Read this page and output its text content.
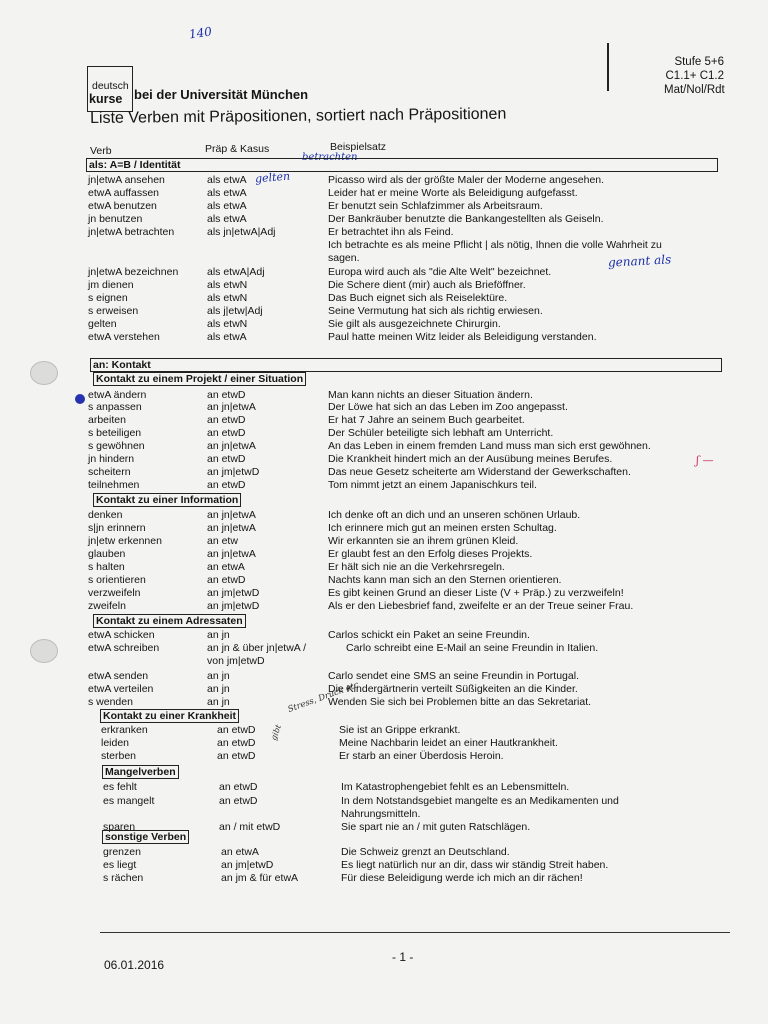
140
gelten
betrachten
genant als
Stress, Druck etc
gibt
ʃ —
deutsch
kurse bei der Universität München
Stufe 5+6
C1.1+ C1.2
Mat/Nol/Rdt
Liste Verben mit Präpositionen, sortiert nach Präpositionen
Verb	Präp & Kasus	Beispielsatz
als: A=B / Identität
jn|etwA ansehen	als etwA	Picasso wird als der größte Maler der Moderne angesehen.
etwA auffassen	als etwA	Leider hat er meine Worte als Beleidigung aufgefasst.
etwA benutzen	als etwA	Er benutzt sein Schlafzimmer als Arbeitsraum.
jn benutzen	als etwA	Der Bankräuber benutzte die Bankangestellten als Geiseln.
jn|etwA betrachten	als jn|etwA|Adj	Er betrachtet ihn als Feind.
Ich betrachte es als meine Pflicht | als nötig, Ihnen die volle Wahrheit zu
sagen.
jn|etwA bezeichnen	als etwA|Adj	Europa wird auch als "die Alte Welt" bezeichnet.
jm dienen	als etwN	Die Schere dient (mir) auch als Brieföffner.
s eignen	als etwN	Das Buch eignet sich als Reiselektüre.
s erweisen	als j|etw|Adj	Seine Vermutung hat sich als richtig erwiesen.
gelten	als etwN	Sie gilt als ausgezeichnete Chirurgin.
etwA verstehen	als etwA	Paul hatte meinen Witz leider als Beleidigung verstanden.
an: Kontakt
Kontakt zu einem Projekt / einer Situation
etwA ändern	an etwD	Man kann nichts an dieser Situation ändern.
s anpassen	an jn|etwA	Der Löwe hat sich an das Leben im Zoo angepasst.
arbeiten	an etwD	Er hat 7 Jahre an seinem Buch gearbeitet.
s beteiligen	an etwD	Der Schüler beteiligte sich lebhaft am Unterricht.
s gewöhnen	an jn|etwA	An das Leben in einem fremden Land muss man sich erst gewöhnen.
jn hindern	an etwD	Die Krankheit hindert mich an der Ausübung meines Berufes.
scheitern	an jm|etwD	Das neue Gesetz scheiterte am Widerstand der Gewerkschaften.
teilnehmen	an etwD	Tom nimmt jetzt an einem Japanischkurs teil.
Kontakt zu einer Information
denken	an jn|etwA	Ich denke oft an dich und an unseren schönen Urlaub.
s|jn erinnern	an jn|etwA	Ich erinnere mich gut an meinen ersten Schultag.
jn|etw erkennen	an etw	Wir erkannten sie an ihrem grünen Kleid.
glauben	an jn|etwA	Er glaubt fest an den Erfolg dieses Projekts.
s halten	an etwA	Er hält sich nie an die Verkehrsregeln.
s orientieren	an etwD	Nachts kann man sich an den Sternen orientieren.
verzweifeln	an jm|etwD	Es gibt keinen Grund an dieser Liste (V + Präp.) zu verzweifeln!
zweifeln	an jm|etwD	Als er den Liebesbrief fand, zweifelte er an der Treue seiner Frau.
Kontakt zu einem Adressaten
etwA schicken	an jn	Carlos schickt ein Paket an seine Freundin.
etwA schreiben	an jn & über jn|etwA /	Carlo schreibt eine E-Mail an seine Freundin in Italien.
von jm|etwD
etwA senden	an jn	Carlo sendet eine SMS an seine Freundin in Portugal.
etwA verteilen	an jn	Die Kindergärtnerin verteilt Süßigkeiten an die Kinder.
s wenden	an jn	Wenden Sie sich bei Problemen bitte an das Sekretariat.
Kontakt zu einer Krankheit
erkranken	an etwD	Sie ist an Grippe erkrankt.
leiden	an etwD	Meine Nachbarin leidet an einer Hautkrankheit.
sterben	an etwD	Er starb an einer Überdosis Heroin.
Mangelverben
es fehlt	an etwD	Im Katastrophengebiet fehlt es an Lebensmitteln.
es mangelt	an etwD	In dem Notstandsgebiet mangelte es an Medikamenten und
Nahrungsmitteln.
sparen	an / mit etwD	Sie spart nie an / mit guten Ratschlägen.
sonstige Verben
grenzen	an etwA	Die Schweiz grenzt an Deutschland.
es liegt	an jm|etwD	Es liegt natürlich nur an dir, dass wir ständig Streit haben.
s rächen	an jm & für etwA	Für diese Beleidigung werde ich mich an dir rächen!
06.01.2016
- 1 -
